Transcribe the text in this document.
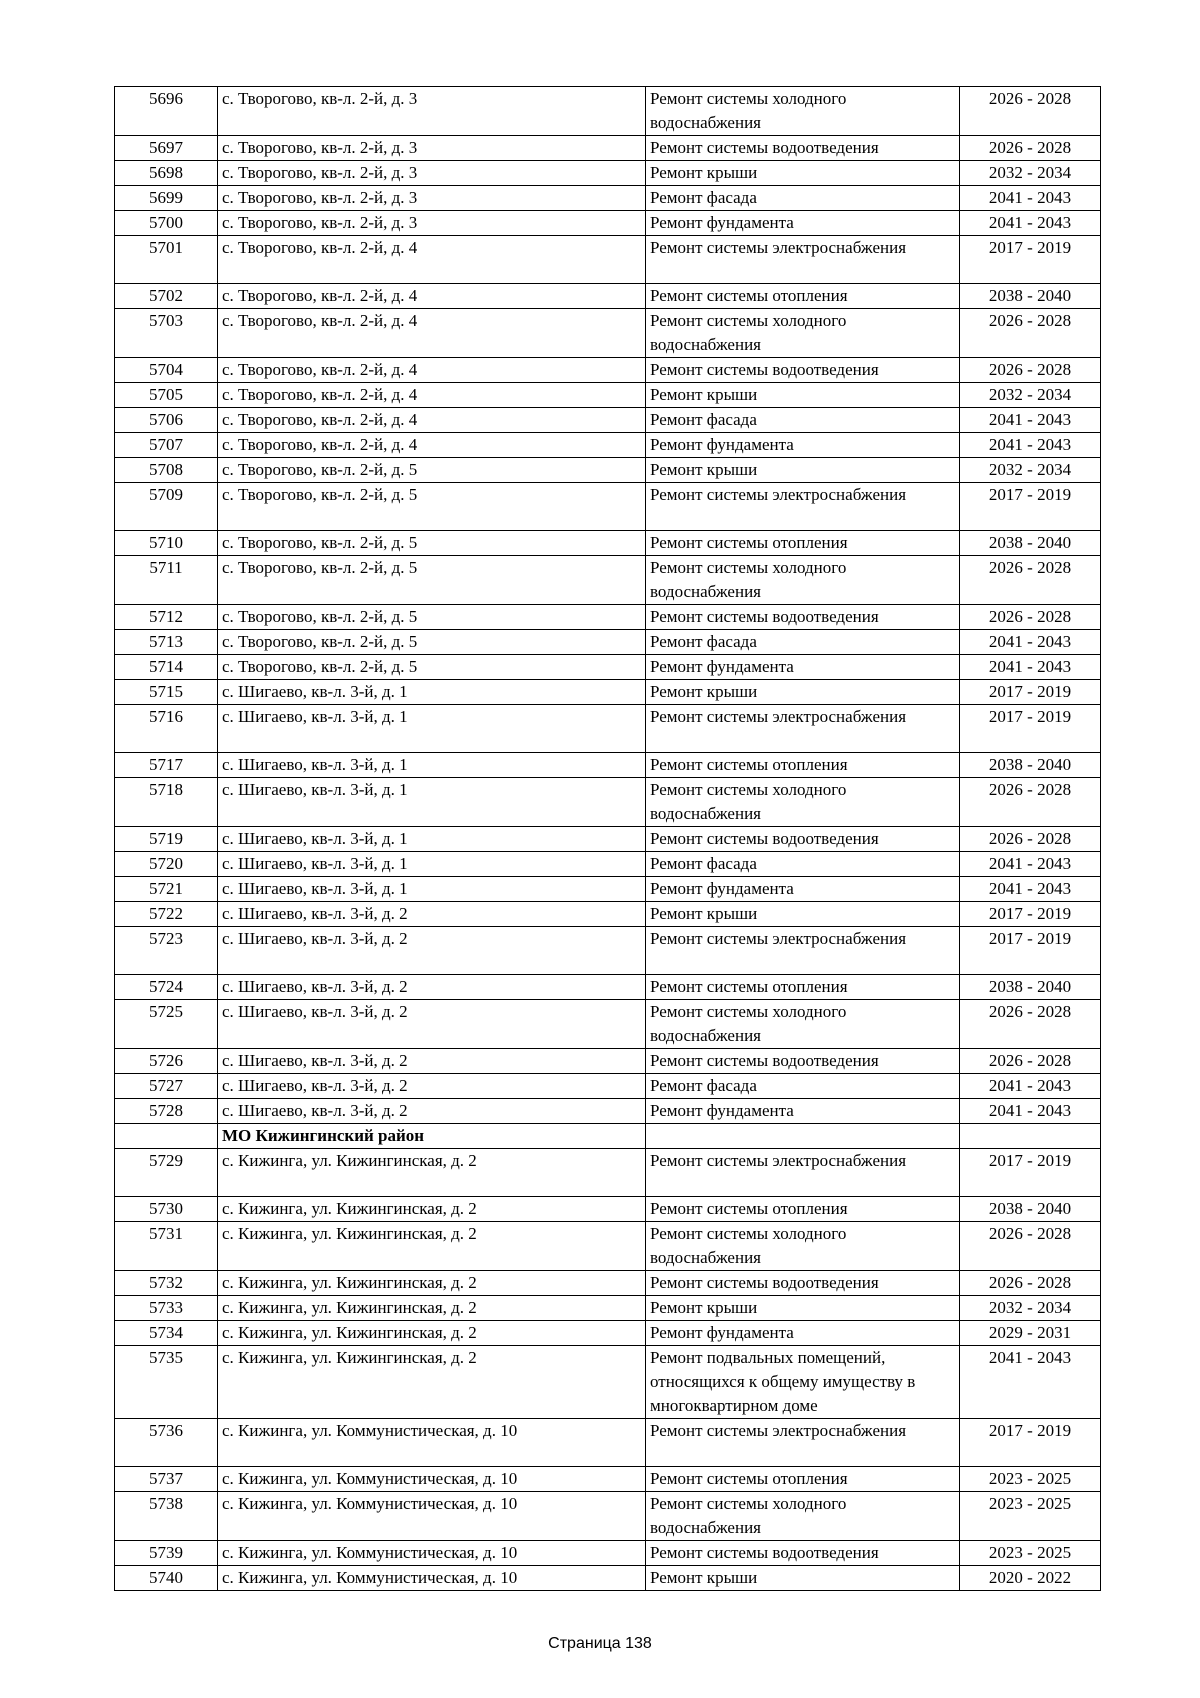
5696	с. Творогово, кв-л. 2-й, д. 3	Ремонт системы холодного водоснабжения	2026 - 2028
5697	с. Творогово, кв-л. 2-й, д. 3	Ремонт системы водоотведения	2026 - 2028
5698	с. Творогово, кв-л. 2-й, д. 3	Ремонт крыши	2032 - 2034
5699	с. Творогово, кв-л. 2-й, д. 3	Ремонт фасада	2041 - 2043
5700	с. Творогово, кв-л. 2-й, д. 3	Ремонт фундамента	2041 - 2043
5701	с. Творогово, кв-л. 2-й, д. 4	Ремонт системы электроснабжения	2017 - 2019
5702	с. Творогово, кв-л. 2-й, д. 4	Ремонт системы отопления	2038 - 2040
5703	с. Творогово, кв-л. 2-й, д. 4	Ремонт системы холодного водоснабжения	2026 - 2028
5704	с. Творогово, кв-л. 2-й, д. 4	Ремонт системы водоотведения	2026 - 2028
5705	с. Творогово, кв-л. 2-й, д. 4	Ремонт крыши	2032 - 2034
5706	с. Творогово, кв-л. 2-й, д. 4	Ремонт фасада	2041 - 2043
5707	с. Творогово, кв-л. 2-й, д. 4	Ремонт фундамента	2041 - 2043
5708	с. Творогово, кв-л. 2-й, д. 5	Ремонт крыши	2032 - 2034
5709	с. Творогово, кв-л. 2-й, д. 5	Ремонт системы электроснабжения	2017 - 2019
5710	с. Творогово, кв-л. 2-й, д. 5	Ремонт системы отопления	2038 - 2040
5711	с. Творогово, кв-л. 2-й, д. 5	Ремонт системы холодного водоснабжения	2026 - 2028
5712	с. Творогово, кв-л. 2-й, д. 5	Ремонт системы водоотведения	2026 - 2028
5713	с. Творогово, кв-л. 2-й, д. 5	Ремонт фасада	2041 - 2043
5714	с. Творогово, кв-л. 2-й, д. 5	Ремонт фундамента	2041 - 2043
5715	с. Шигаево, кв-л. 3-й, д. 1	Ремонт крыши	2017 - 2019
5716	с. Шигаево, кв-л. 3-й, д. 1	Ремонт системы электроснабжения	2017 - 2019
5717	с. Шигаево, кв-л. 3-й, д. 1	Ремонт системы отопления	2038 - 2040
5718	с. Шигаево, кв-л. 3-й, д. 1	Ремонт системы холодного водоснабжения	2026 - 2028
5719	с. Шигаево, кв-л. 3-й, д. 1	Ремонт системы водоотведения	2026 - 2028
5720	с. Шигаево, кв-л. 3-й, д. 1	Ремонт фасада	2041 - 2043
5721	с. Шигаево, кв-л. 3-й, д. 1	Ремонт фундамента	2041 - 2043
5722	с. Шигаево, кв-л. 3-й, д. 2	Ремонт крыши	2017 - 2019
5723	с. Шигаево, кв-л. 3-й, д. 2	Ремонт системы электроснабжения	2017 - 2019
5724	с. Шигаево, кв-л. 3-й, д. 2	Ремонт системы отопления	2038 - 2040
5725	с. Шигаево, кв-л. 3-й, д. 2	Ремонт системы холодного водоснабжения	2026 - 2028
5726	с. Шигаево, кв-л. 3-й, д. 2	Ремонт системы водоотведения	2026 - 2028
5727	с. Шигаево, кв-л. 3-й, д. 2	Ремонт фасада	2041 - 2043
5728	с. Шигаево, кв-л. 3-й, д. 2	Ремонт фундамента	2041 - 2043
	МО Кижингинский район		
5729	с. Кижинга, ул. Кижингинская, д. 2	Ремонт системы электроснабжения	2017 - 2019
5730	с. Кижинга, ул. Кижингинская, д. 2	Ремонт системы отопления	2038 - 2040
5731	с. Кижинга, ул. Кижингинская, д. 2	Ремонт системы холодного водоснабжения	2026 - 2028
5732	с. Кижинга, ул. Кижингинская, д. 2	Ремонт системы водоотведения	2026 - 2028
5733	с. Кижинга, ул. Кижингинская, д. 2	Ремонт крыши	2032 - 2034
5734	с. Кижинга, ул. Кижингинская, д. 2	Ремонт фундамента	2029 - 2031
5735	с. Кижинга, ул. Кижингинская, д. 2	Ремонт подвальных помещений, относящихся к общему имуществу в многоквартирном доме	2041 - 2043
5736	с. Кижинга, ул. Коммунистическая, д. 10	Ремонт системы электроснабжения	2017 - 2019
5737	с. Кижинга, ул. Коммунистическая, д. 10	Ремонт системы отопления	2023 - 2025
5738	с. Кижинга, ул. Коммунистическая, д. 10	Ремонт системы холодного водоснабжения	2023 - 2025
5739	с. Кижинга, ул. Коммунистическая, д. 10	Ремонт системы водоотведения	2023 - 2025
5740	с. Кижинга, ул. Коммунистическая, д. 10	Ремонт крыши	2020 - 2022
Страница 138
